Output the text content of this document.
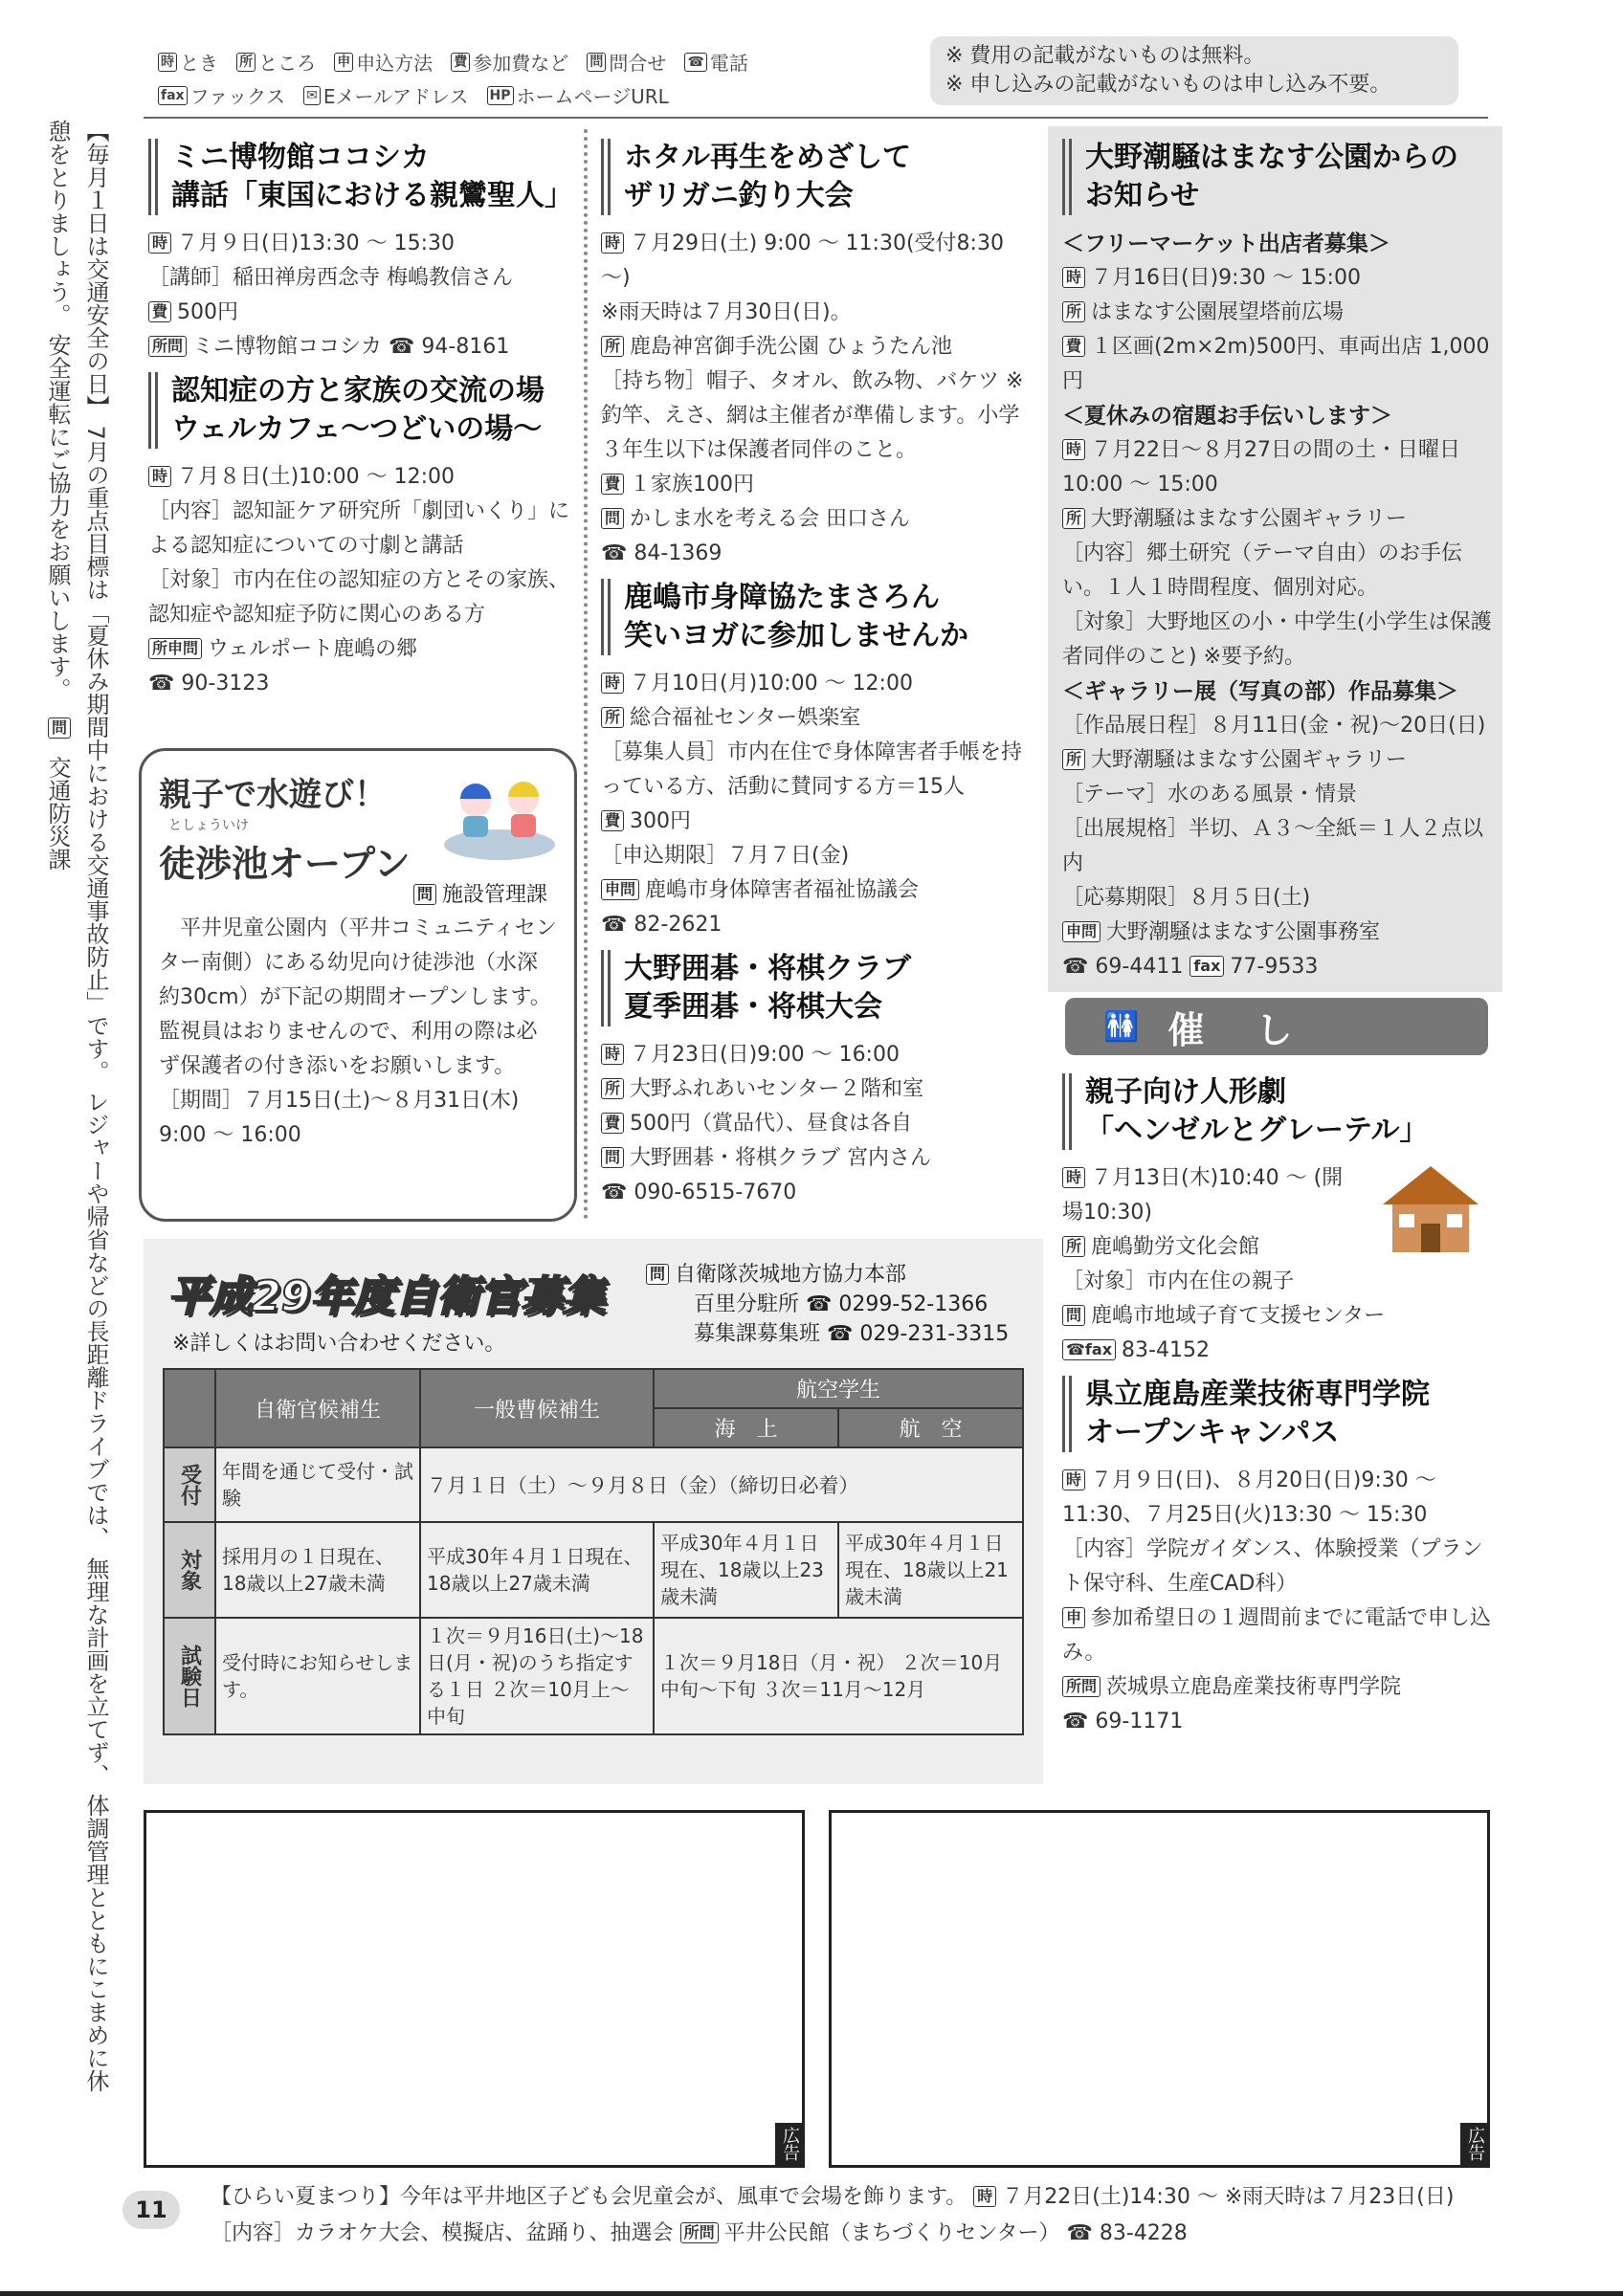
時 とき
所 ところ
申 申込方法
費 参加費など
問 問合せ
☎ 電話
fax ファックス
✉ Eメールアドレス
HP ホームページURL
※ 費用の記載がないものは無料。
※ 申し込みの記載がないものは申し込み不要。
【毎月１日は交通安全の日】 7月の重点目標は「夏休み期間中における交通事故防止」です。 レジャーや帰省などの長距離ドライブでは、 無理な計画を立てず、 体調管理とともにこまめに休憩をとりましょう。 安全運転にご協力をお願いします。 問 交通防災課
ミニ博物館ココシカ
講話「東国における親鸞聖人」
時 ７月９日(日)13:30 ～ 15:30
［講師］稲田禅房西念寺 梅嶋教信さん
費 500円
所問 ミニ博物館ココシカ ☎ 94-8161
認知症の方と家族の交流の場
ウェルカフェ～つどいの場～
時 ７月８日(土)10:00 ～ 12:00
［内容］認知証ケア研究所「劇団いくり」による認知症についての寸劇と講話
［対象］市内在住の認知症の方とその家族、認知症や認知症予防に関心のある方
所申問 ウェルポート鹿嶋の郷
☎ 90-3123
親子で水遊び！
としょういけ
徒渉池オープン
問 施設管理課
平井児童公園内（平井コミュニティセンター南側）にある幼児向け徒渉池（水深約30cm）が下記の期間オープンします。監視員はおりませんので、利用の際は必ず保護者の付き添いをお願いします。
［期間］７月15日(土)～８月31日(木) 9:00 ～ 16:00
ホタル再生をめざして
ザリガニ釣り大会
時 ７月29日(土) 9:00 ～ 11:30(受付8:30 ～)
※雨天時は７月30日(日)。
所 鹿島神宮御手洗公園 ひょうたん池
［持ち物］帽子、タオル、飲み物、バケツ ※釣竿、えさ、網は主催者が準備します。小学３年生以下は保護者同伴のこと。
費 １家族100円
問 かしま水を考える会 田口さん
☎ 84-1369
鹿嶋市身障協たまさろん
笑いヨガに参加しませんか
時 ７月10日(月)10:00 ～ 12:00
所 総合福祉センター娯楽室
［募集人員］市内在住で身体障害者手帳を持っている方、活動に賛同する方＝15人
費 300円
［申込期限］７月７日(金)
申問 鹿嶋市身体障害者福祉協議会
☎ 82-2621
大野囲碁・将棋クラブ
夏季囲碁・将棋大会
時 ７月23日(日)9:00 ～ 16:00
所 大野ふれあいセンター２階和室
費 500円（賞品代）、昼食は各自
問 大野囲碁・将棋クラブ 宮内さん
☎ 090-6515-7670
大野潮騒はまなす公園からの
お知らせ
＜フリーマーケット出店者募集＞
時 ７月16日(日)9:30 ～ 15:00
所 はまなす公園展望塔前広場
費 １区画(2m×2m)500円、車両出店 1,000円
＜夏休みの宿題お手伝いします＞
時 ７月22日～８月27日の間の土・日曜日 10:00 ～ 15:00
所 大野潮騒はまなす公園ギャラリー
［内容］郷土研究（テーマ自由）のお手伝い。１人１時間程度、個別対応。
［対象］大野地区の小・中学生(小学生は保護者同伴のこと) ※要予約。
＜ギャラリー展（写真の部）作品募集＞
［作品展日程］８月11日(金・祝)～20日(日)
所 大野潮騒はまなす公園ギャラリー
［テーマ］水のある風景・情景
［出展規格］半切、Ａ３～全紙＝１人２点以内
［応募期限］８月５日(土)
申問 大野潮騒はまなす公園事務室
☎ 69-4411 fax 77-9533
🚻 催　し
親子向け人形劇
「ヘンゼルとグレーテル」
時 ７月13日(木)10:40 ～ (開場10:30)
所 鹿嶋勤労文化会館
［対象］市内在住の親子
問 鹿嶋市地域子育て支援センター
☎fax 83-4152
県立鹿島産業技術専門学院
オープンキャンパス
時 ７月９日(日)、８月20日(日)9:30 ～ 11:30、７月25日(火)13:30 ～ 15:30
［内容］学院ガイダンス、体験授業（プラント保守科、生産CAD科）
申 参加希望日の１週間前までに電話で申し込み。
所問 茨城県立鹿島産業技術専門学院
☎ 69-1171
平成29年度自衛官募集
※詳しくはお問い合わせください。
問 自衛隊茨城地方協力本部
百里分駐所 ☎ 0299-52-1366
募集課募集班 ☎ 029-231-3315
	自衛官候補生	一般曹候補生	航空学生	
			海　上	航　空
受付	年間を通じて受付・試験	７月１日（土）～９月８日（金）（締切日必着）		
対象	採用月の１日現在、18歳以上27歳未満	平成30年４月１日現在、18歳以上27歳未満	平成30年４月１日現在、18歳以上23歳未満	平成30年４月１日現在、18歳以上21歳未満
試験日	受付時にお知らせします。	１次＝９月16日(土)～18日(月・祝)のうち指定する１日 ２次＝10月上～中旬	１次＝９月18日（月・祝） ２次＝10月中旬～下旬 ３次＝11月～12月	
広告	広告
11	【ひらい夏まつり】今年は平井地区子ども会児童会が、風車で会場を飾ります。 時 ７月22日(土)14:30 ～ ※雨天時は７月23日(日) ［内容］カラオケ大会、模擬店、盆踊り、抽選会 所問 平井公民館（まちづくりセンター） ☎ 83-4228
